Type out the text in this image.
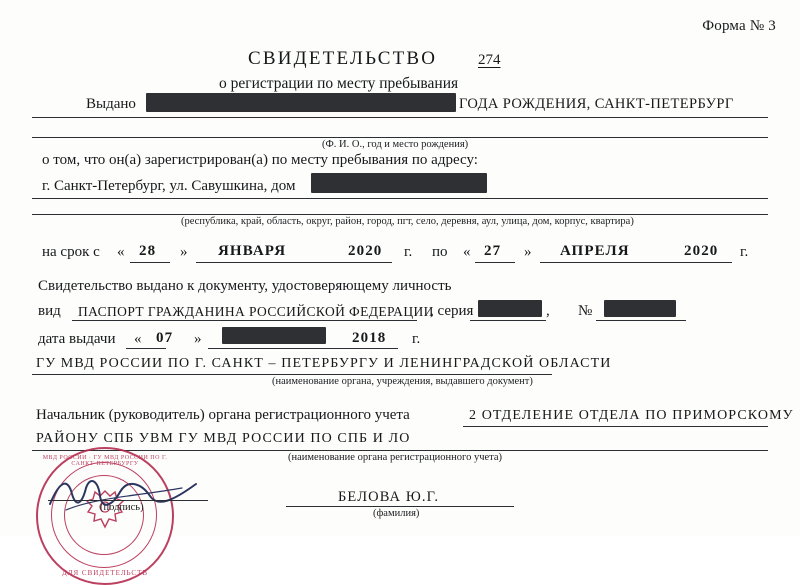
Форма № 3
СВИДЕТЕЛЬСТВО	274
о регистрации по месту пребывания
Выдано	ГОДА РОЖДЕНИЯ, САНКТ-ПЕТЕРБУРГ
(Ф. И. О., год и место рождения)
о том, что он(а) зарегистрирован(а) по месту пребывания по адресу:
г. Санкт-Петербург, ул. Савушкина, дом
(республика, край, область, округ, район, город, пгт, село, деревня, аул, улица, дом, корпус, квартира)
на срок с « 28 » ЯНВАРЯ	2020 г. по « 27 » АПРЕЛЯ	2020 г.
Свидетельство выдано к документу, удостоверяющему личность
вид ПАСПОРТ ГРАЖДАНИНА РОССИЙСКОЙ ФЕДЕРАЦИИ
, серия	, №
дата выдачи « 07 »	2018 г.
ГУ МВД РОССИИ ПО Г. САНКТ – ПЕТЕРБУРГУ И ЛЕНИНГРАДСКОЙ ОБЛАСТИ
(наименование органа, учреждения, выдавшего документ)
Начальник (руководитель) органа регистрационного учета	2 ОТДЕЛЕНИЕ ОТДЕЛА ПО ПРИМОРСКОМУ
РАЙОНУ СПБ УВМ ГУ МВД РОССИИ ПО СПБ И ЛО
(наименование органа регистрационного учета)
МВД РОССИИ · ГУ МВД РОССИИ ПО Г. САНКТ-ПЕТЕРБУРГУ
ДЛЯ СВИДЕТЕЛЬСТВ
(подпись)
БЕЛОВА Ю.Г.
(фамилия)
